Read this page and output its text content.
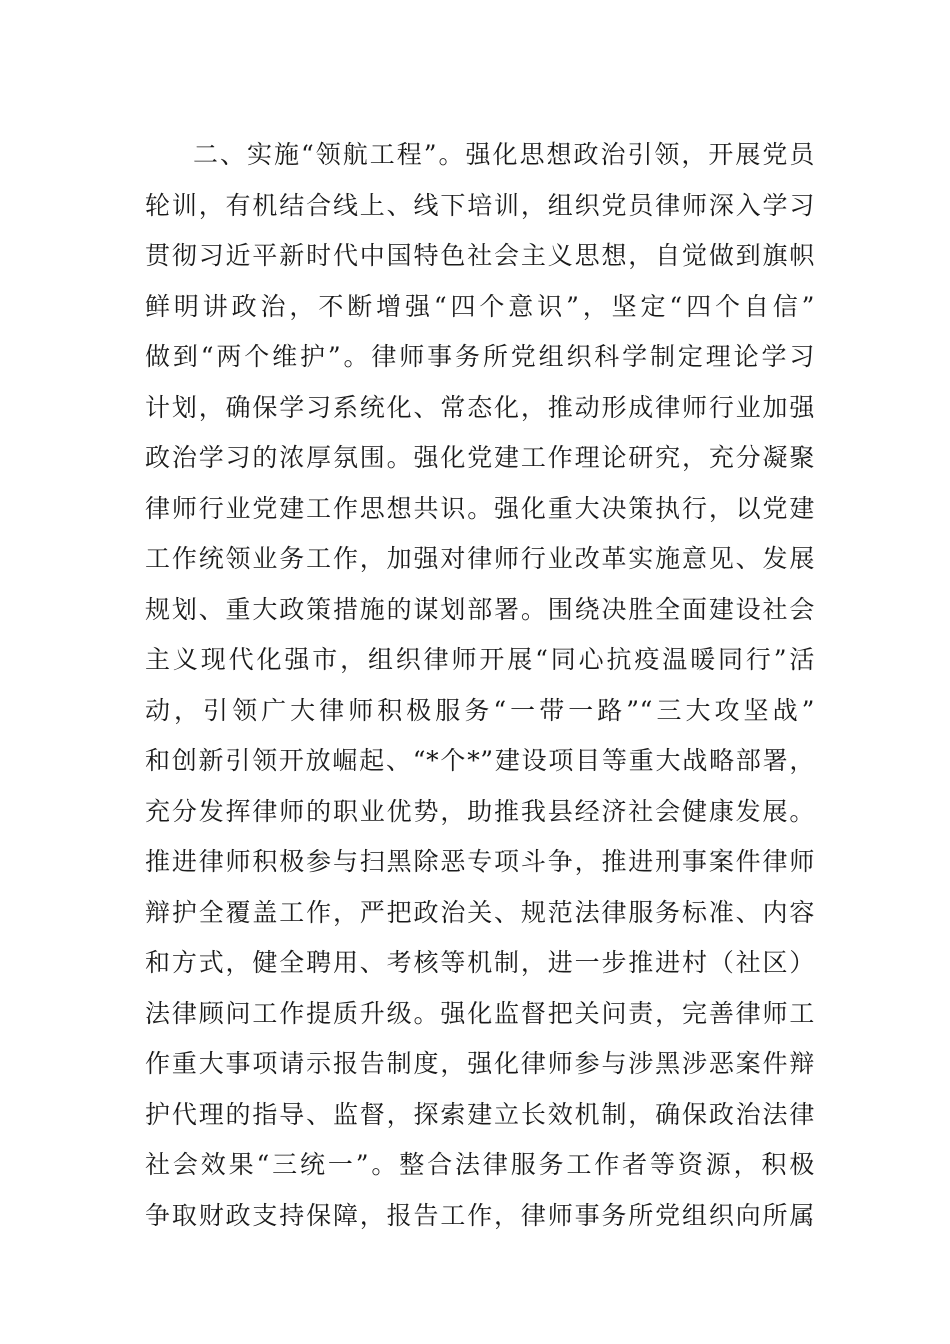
二、实施“领航工程”。强化思想政治引领，开展党员
轮训，有机结合线上、线下培训，组织党员律师深入学习
贯彻习近平新时代中国特色社会主义思想，自觉做到旗帜
鲜明讲政治，不断增强“四个意识”，坚定“四个自信”
做到“两个维护”。律师事务所党组织科学制定理论学习
计划，确保学习系统化、常态化，推动形成律师行业加强
政治学习的浓厚氛围。强化党建工作理论研究，充分凝聚
律师行业党建工作思想共识。强化重大决策执行，以党建
工作统领业务工作，加强对律师行业改革实施意见、发展
规划、重大政策措施的谋划部署。围绕决胜全面建设社会
主义现代化强市，组织律师开展“同心抗疫温暖同行”活
动，引领广大律师积极服务“一带一路”“三大攻坚战”
和创新引领开放崛起、“*个*”建设项目等重大战略部署，
充分发挥律师的职业优势，助推我县经济社会健康发展。
推进律师积极参与扫黑除恶专项斗争，推进刑事案件律师
辩护全覆盖工作，严把政治关、规范法律服务标准、内容
和方式，健全聘用、考核等机制，进一步推进村（社区）
法律顾问工作提质升级。强化监督把关问责，完善律师工
作重大事项请示报告制度，强化律师参与涉黑涉恶案件辩
护代理的指导、监督，探索建立长效机制，确保政治法律
社会效果“三统一”。整合法律服务工作者等资源，积极
争取财政支持保障，报告工作，律师事务所党组织向所属
